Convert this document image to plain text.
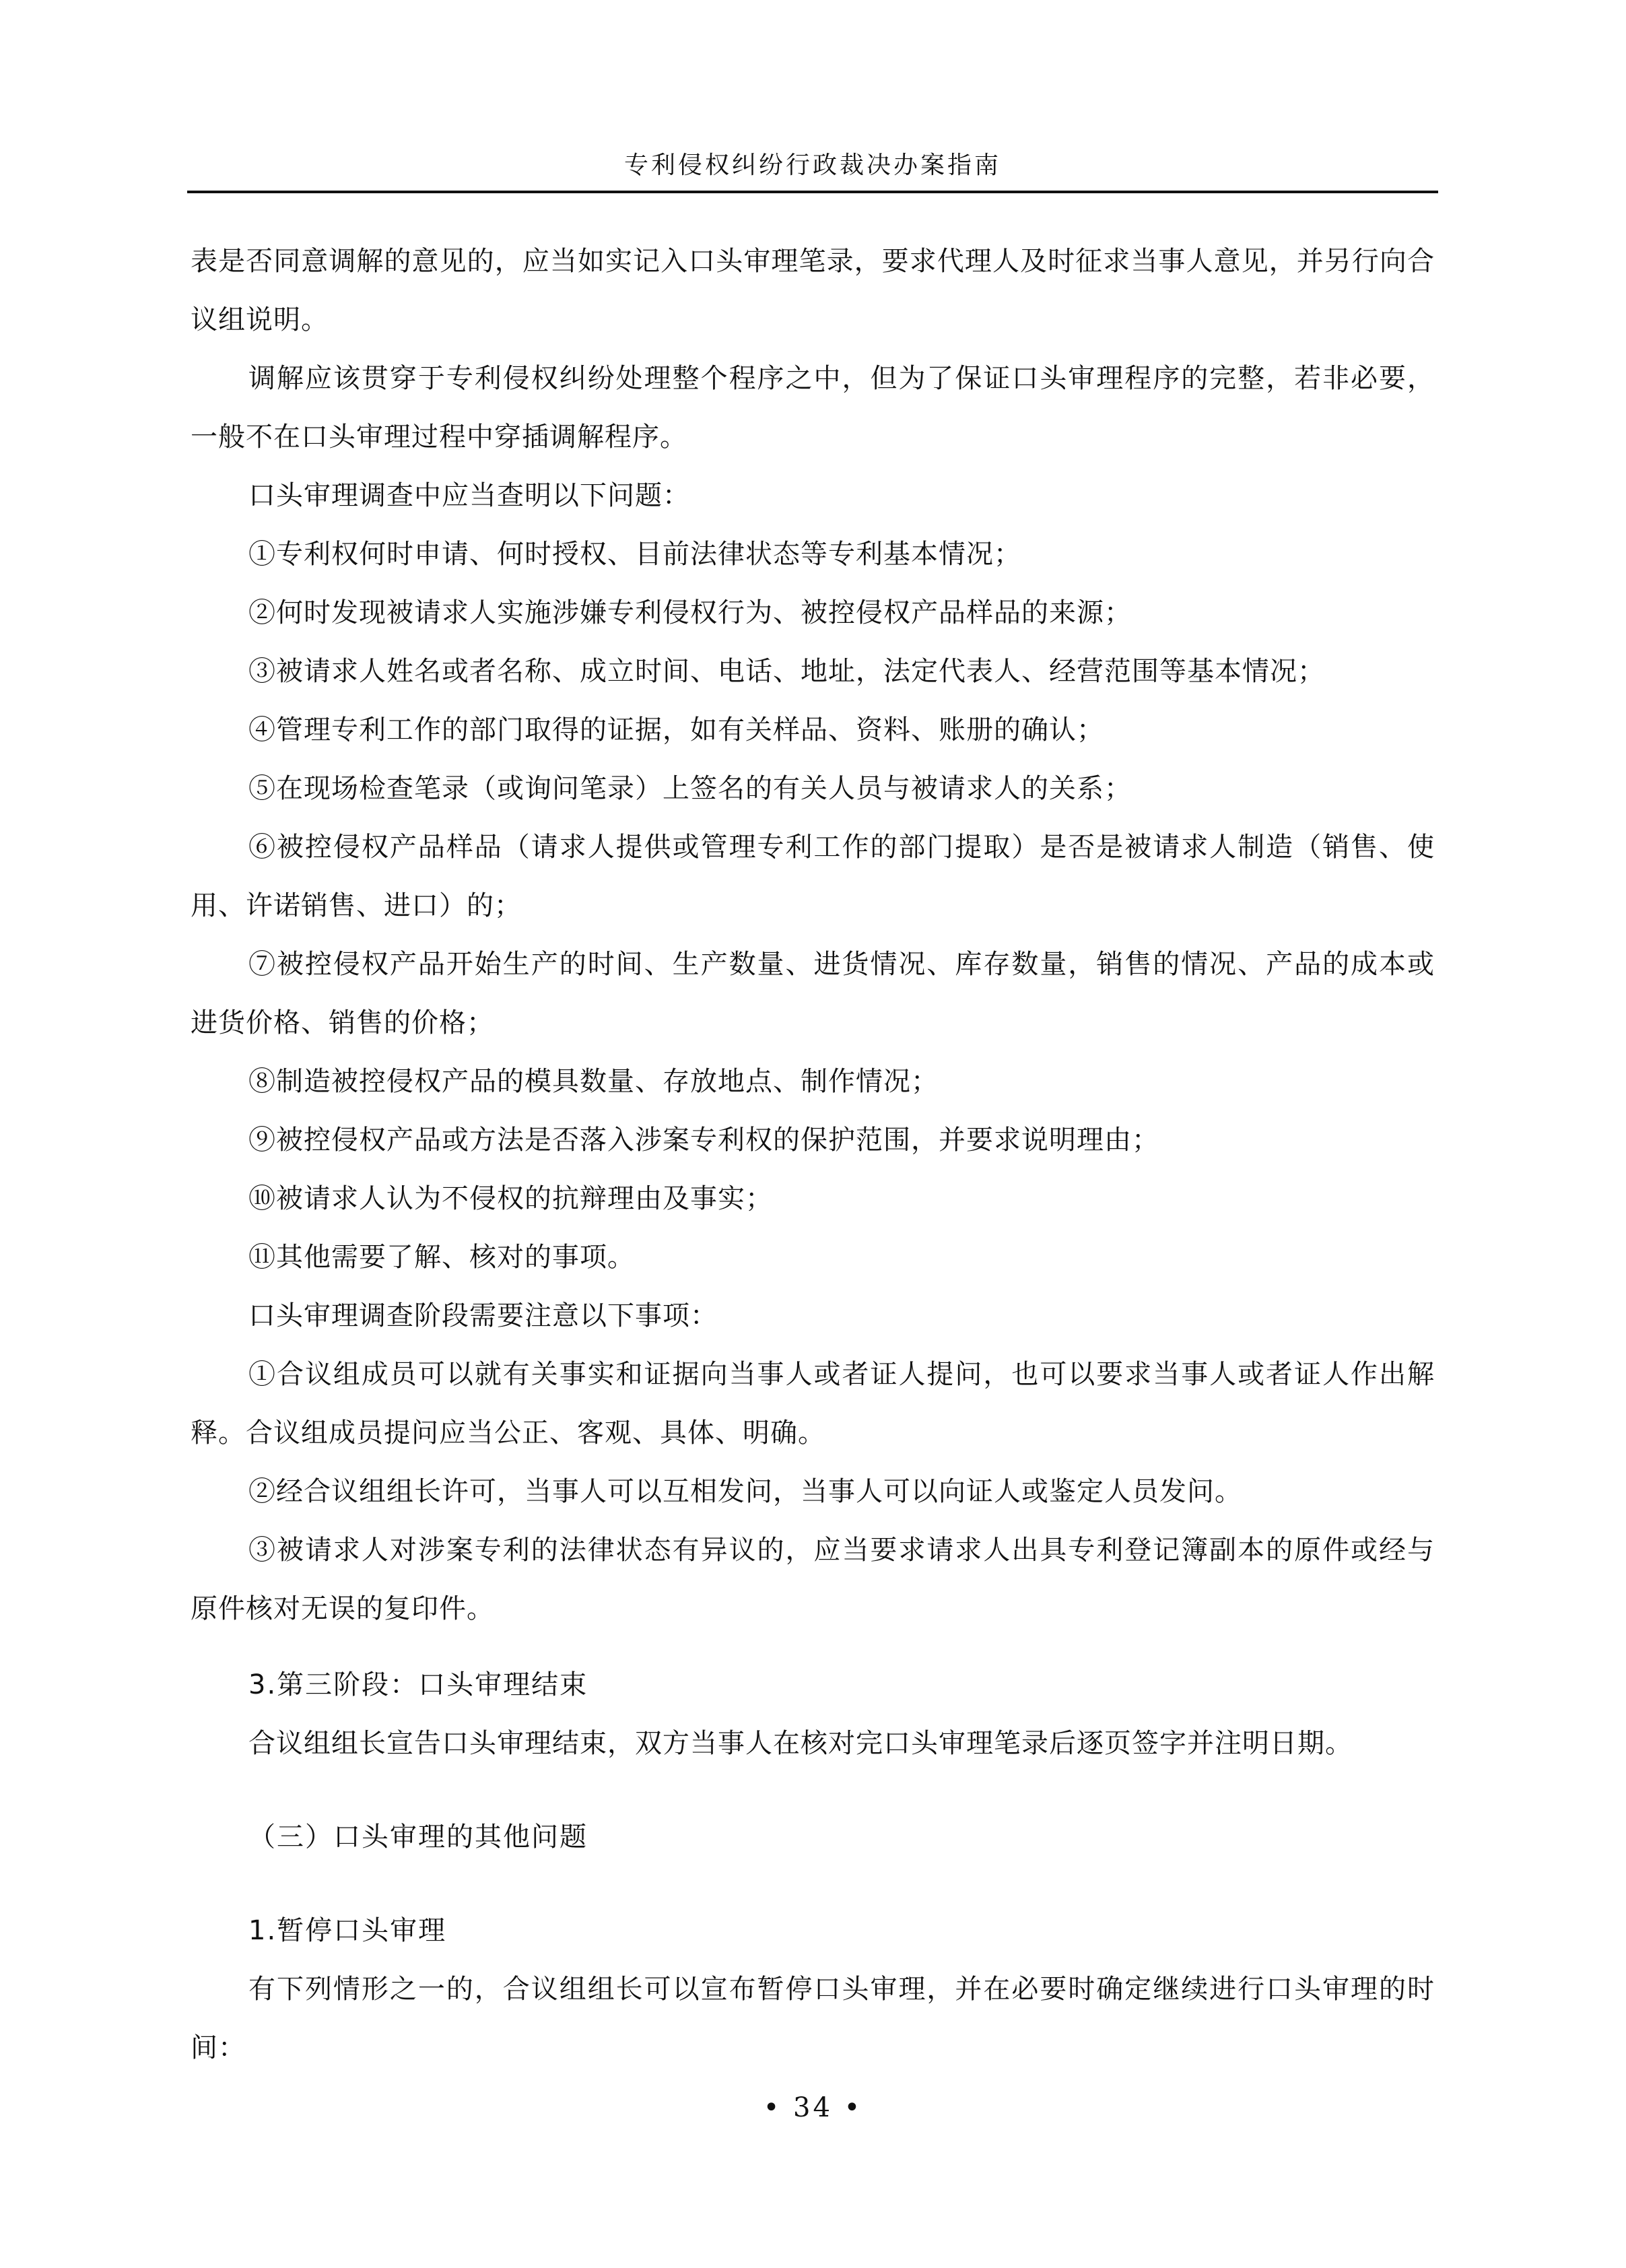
专利侵权纠纷行政裁决办案指南

表是否同意调解的意见的，应当如实记入口头审理笔录，要求代理人及时征求当事人意见，并另行向合议组说明。

调解应该贯穿于专利侵权纠纷处理整个程序之中，但为了保证口头审理程序的完整，若非必要，一般不在口头审理过程中穿插调解程序。

口头审理调查中应当查明以下问题：

①专利权何时申请、何时授权、目前法律状态等专利基本情况；

②何时发现被请求人实施涉嫌专利侵权行为、被控侵权产品样品的来源；

③被请求人姓名或者名称、成立时间、电话、地址，法定代表人、经营范围等基本情况；

④管理专利工作的部门取得的证据，如有关样品、资料、账册的确认；

⑤在现场检查笔录（或询问笔录）上签名的有关人员与被请求人的关系；

⑥被控侵权产品样品（请求人提供或管理专利工作的部门提取）是否是被请求人制造（销售、使用、许诺销售、进口）的；

⑦被控侵权产品开始生产的时间、生产数量、进货情况、库存数量，销售的情况、产品的成本或进货价格、销售的价格；

⑧制造被控侵权产品的模具数量、存放地点、制作情况；

⑨被控侵权产品或方法是否落入涉案专利权的保护范围，并要求说明理由；

⑩被请求人认为不侵权的抗辩理由及事实；

⑪其他需要了解、核对的事项。

口头审理调查阶段需要注意以下事项：

①合议组成员可以就有关事实和证据向当事人或者证人提问，也可以要求当事人或者证人作出解释。合议组成员提问应当公正、客观、具体、明确。

②经合议组组长许可，当事人可以互相发问，当事人可以向证人或鉴定人员发问。

③被请求人对涉案专利的法律状态有异议的，应当要求请求人出具专利登记簿副本的原件或经与原件核对无误的复印件。

3.第三阶段：口头审理结束

合议组组长宣告口头审理结束，双方当事人在核对完口头审理笔录后逐页签字并注明日期。

（三）口头审理的其他问题

1.暂停口头审理

有下列情形之一的，合议组组长可以宣布暂停口头审理，并在必要时确定继续进行口头审理的时间：

• 34 •
